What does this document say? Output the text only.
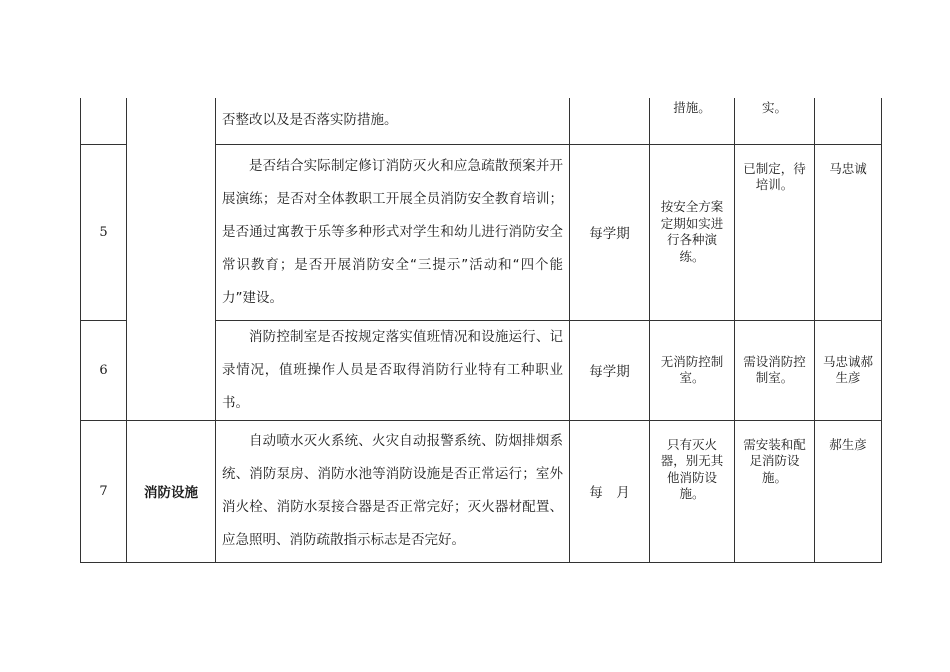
		否整改以及是否落实防措施。		措施。	实。	

5		是否结合实际制定修订消防灭火和应急疏散预案并开展演练；是否对全体教职工开展全员消防安全教育培训；是否通过寓教于乐等多种形式对学生和幼儿进行消防安全常识教育；是否开展消防安全“三提示”活动和“四个能力”建设。	每学期	按安全方案定期如实进行各种演练。	已制定，待培训。	马忠诚

6		消防控制室是否按规定落实值班情况和设施运行、记录情况，值班操作人员是否取得消防行业特有工种职业书。	每学期	无消防控制室。	需设消防控制室。	马忠诚郝生彦
7	消防设施	自动喷水灭火系统、火灾自动报警系统、防烟排烟系统、消防泵房、消防水池等消防设施是否正常运行；室外消火栓、消防水泵接合器是否正常完好；灭火器材配置、应急照明、消防疏散指示标志是否完好。	每　月	只有灭火器，别无其他消防设施。	需安装和配足消防设施。	郝生彦
